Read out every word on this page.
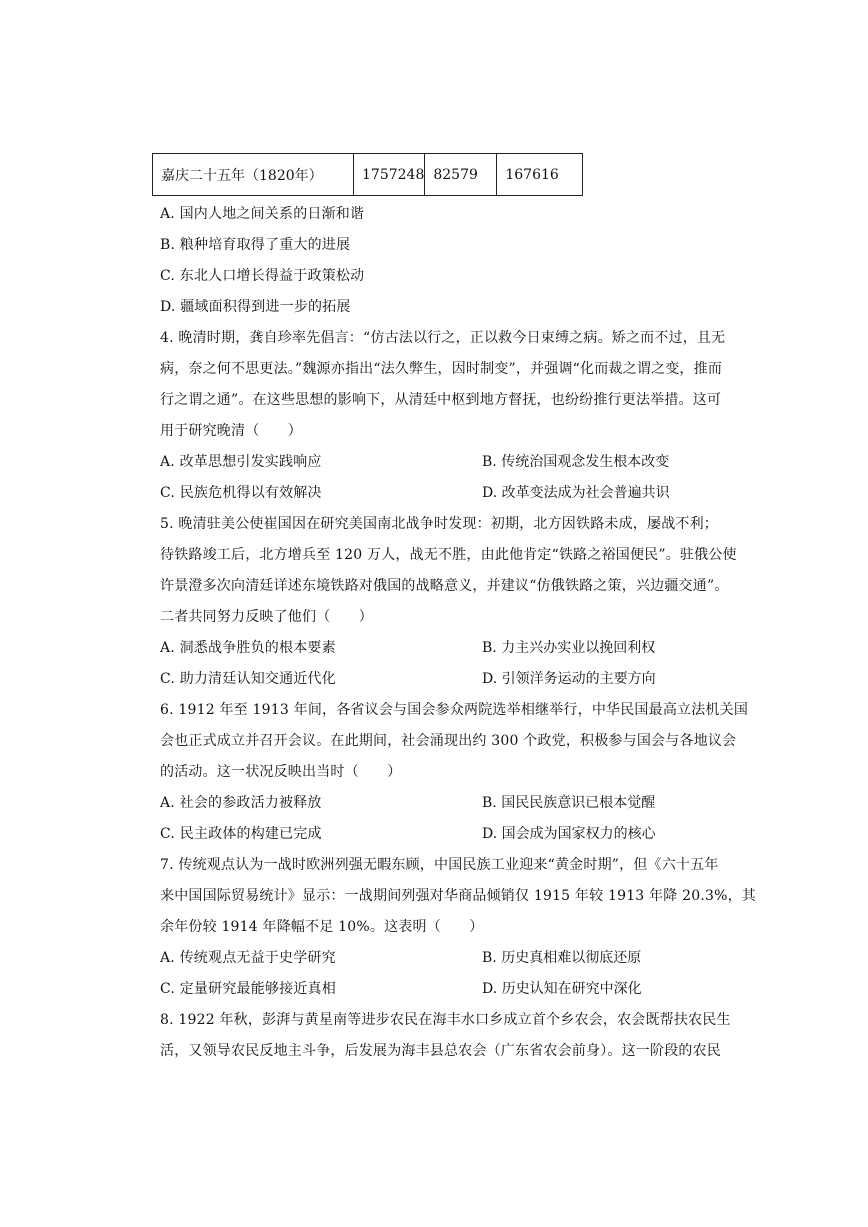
嘉庆二十五年（1820年）	1757248	82579	167616
A. 国内人地之间关系的日渐和谐
B. 粮种培育取得了重大的进展
C. 东北人口增长得益于政策松动
D. 疆域面积得到进一步的拓展
4. 晚清时期，龚自珍率先倡言：“仿古法以行之，正以救今日束缚之病。矫之而不过，且无
病，奈之何不思更法。”魏源亦指出“法久弊生，因时制变”，并强调“化而裁之谓之变，推而
行之谓之通”。在这些思想的影响下，从清廷中枢到地方督抚，也纷纷推行更法举措。这可
用于研究晚清（　　）
A. 改革思想引发实践响应	B. 传统治国观念发生根本改变
C. 民族危机得以有效解决	D. 改革变法成为社会普遍共识
5. 晚清驻美公使崔国因在研究美国南北战争时发现：初期，北方因铁路未成，屡战不利；
待铁路竣工后，北方增兵至 120 万人，战无不胜，由此他肯定“铁路之裕国便民”。驻俄公使
许景澄多次向清廷详述东境铁路对俄国的战略意义，并建议“仿俄铁路之策，兴边疆交通”。
二者共同努力反映了他们（　　）
A. 洞悉战争胜负的根本要素	B. 力主兴办实业以挽回利权
C. 助力清廷认知交通近代化	D. 引领洋务运动的主要方向
6. 1912 年至 1913 年间，各省议会与国会参众两院选举相继举行，中华民国最高立法机关国
会也正式成立并召开会议。在此期间，社会涌现出约 300 个政党，积极参与国会与各地议会
的活动。这一状况反映出当时（　　）
A. 社会的参政活力被释放	B. 国民民族意识已根本觉醒
C. 民主政体的构建已完成	D. 国会成为国家权力的核心
7. 传统观点认为一战时欧洲列强无暇东顾，中国民族工业迎来“黄金时期”，但《六十五年
来中国国际贸易统计》显示：一战期间列强对华商品倾销仅 1915 年较 1913 年降 20.3%，其
余年份较 1914 年降幅不足 10%。这表明（　　）
A. 传统观点无益于史学研究	B. 历史真相难以彻底还原
C. 定量研究最能够接近真相	D. 历史认知在研究中深化
8. 1922 年秋，彭湃与黄星南等进步农民在海丰水口乡成立首个乡农会，农会既帮扶农民生
活，又领导农民反地主斗争，后发展为海丰县总农会（广东省农会前身）。这一阶段的农民
